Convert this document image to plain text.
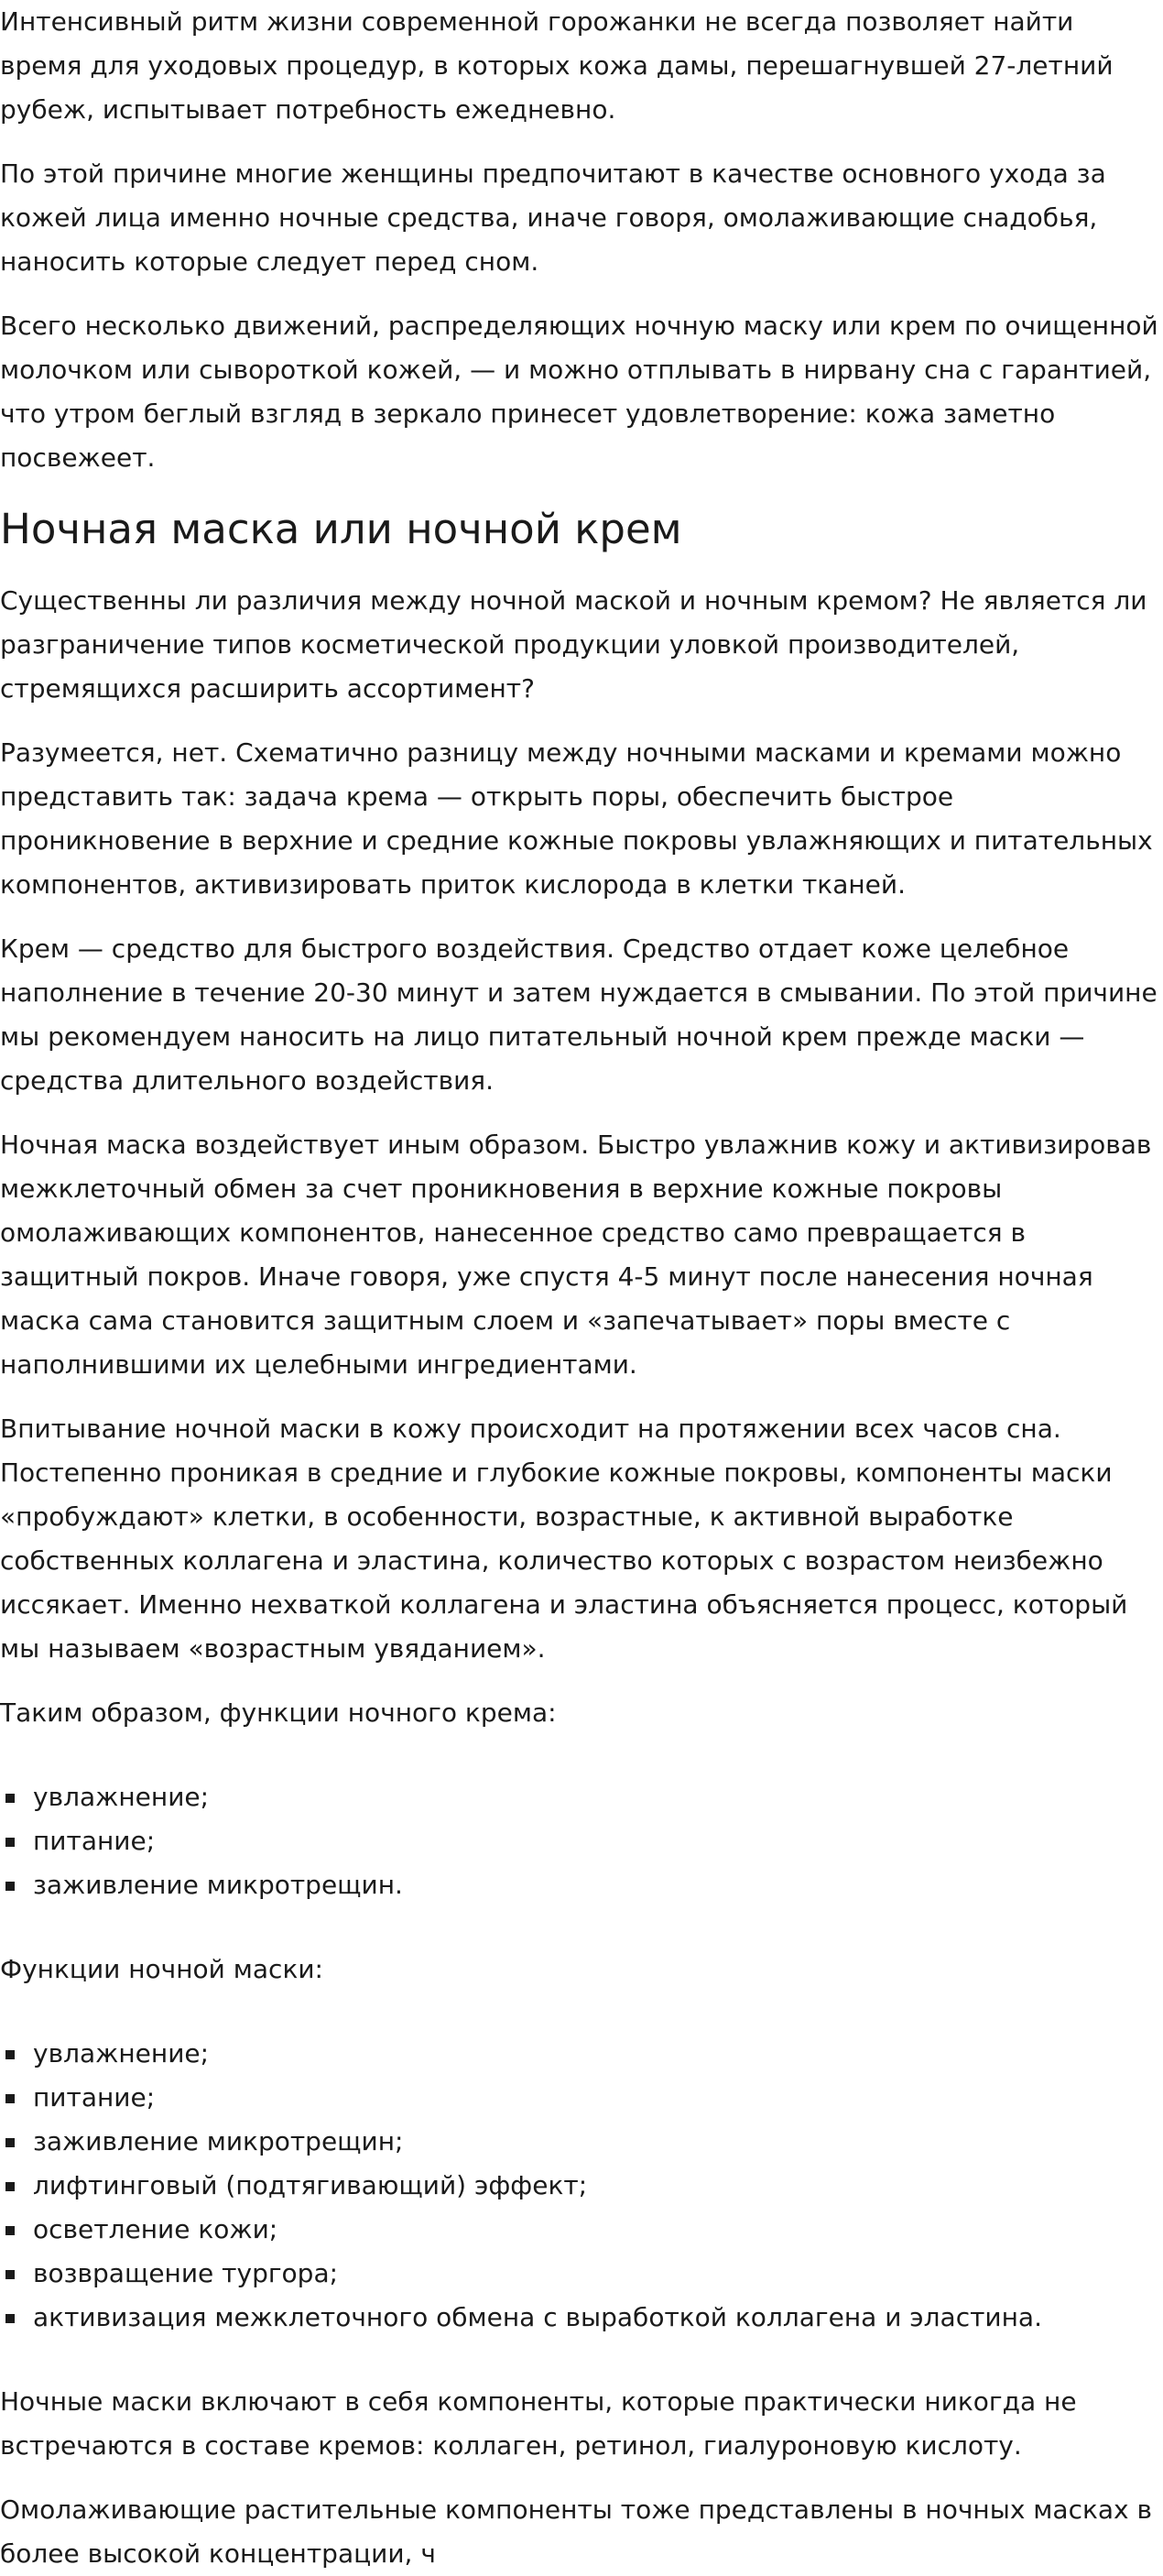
Интенсивный ритм жизни современной горожанки не всегда позволяет найти время для уходовых процедур, в которых кожа дамы, перешагнувшей 27-летний рубеж, испытывает потребность ежедневно.

По этой причине многие женщины предпочитают в качестве основного ухода за кожей лица именно ночные средства, иначе говоря, омолаживающие снадобья, наносить которые следует перед сном.

Всего несколько движений, распределяющих ночную маску или крем по очищенной молочком или сывороткой кожей, — и можно отплывать в нирвану сна с гарантией, что утром беглый взгляд в зеркало принесет удовлетворение: кожа заметно посвежеет.

Ночная маска или ночной крем

Существенны ли различия между ночной маской и ночным кремом? Не является ли разграничение типов косметической продукции уловкой производителей, стремящихся расширить ассортимент?

Разумеется, нет. Схематично разницу между ночными масками и кремами можно представить так: задача крема — открыть поры, обеспечить быстрое проникновение в верхние и средние кожные покровы увлажняющих и питательных компонентов, активизировать приток кислорода в клетки тканей.

Крем — средство для быстрого воздействия. Средство отдает коже целебное наполнение в течение 20-30 минут и затем нуждается в смывании. По этой причине мы рекомендуем наносить на лицо питательный ночной крем прежде маски — средства длительного воздействия.

Ночная маска воздействует иным образом. Быстро увлажнив кожу и активизировав межклеточный обмен за счет проникновения в верхние кожные покровы омолаживающих компонентов, нанесенное средство само превращается в защитный покров. Иначе говоря, уже спустя 4-5 минут после нанесения ночная маска сама становится защитным слоем и «запечатывает» поры вместе с наполнившими их целебными ингредиентами.

Впитывание ночной маски в кожу происходит на протяжении всех часов сна. Постепенно проникая в средние и глубокие кожные покровы, компоненты маски «пробуждают» клетки, в особенности, возрастные, к активной выработке собственных коллагена и эластина, количество которых с возрастом неизбежно иссякает. Именно нехваткой коллагена и эластина объясняется процесс, который мы называем «возрастным увяданием».

Таким образом, функции ночного крема:

увлажнение;
питание;
заживление микротрещин.

Функции ночной маски:

увлажнение;
питание;
заживление микротрещин;
лифтинговый (подтягивающий) эффект;
осветление кожи;
возвращение тургора;
активизация межклеточного обмена с выработкой коллагена и эластина.

Ночные маски включают в себя компоненты, которые практически никогда не встречаются в составе кремов: коллаген, ретинол, гиалуроновую кислоту.

Омолаживающие растительные компоненты тоже представлены в ночных масках в более высокой концентрации, ч
